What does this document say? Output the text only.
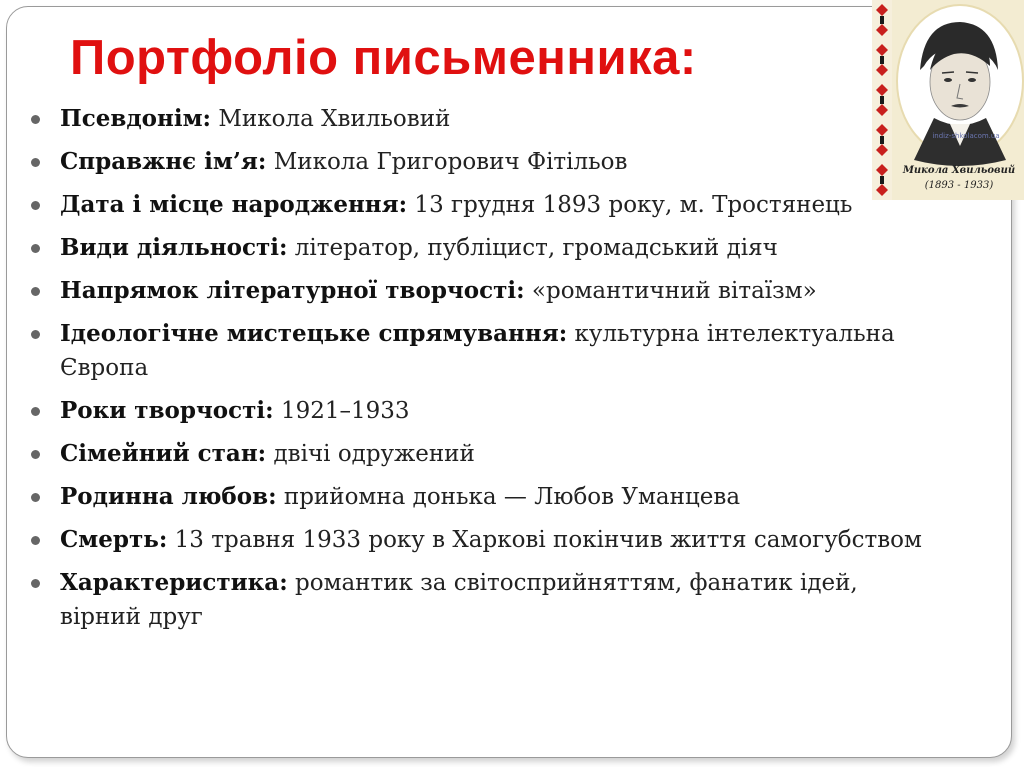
Портфоліо письменника:
Псевдонім: Микола Хвильовий
Справжнє ім’я: Микола Григорович Фітільов
Дата і місце народження: 13 грудня 1893 року, м. Тростянець
Види діяльності: літератор, публіцист, громадський діяч
Напрямок літературної творчості: «романтичний вітаїзм»
Ідеологічне мистецьке спрямування: культурна інтелектуальна Європа
Роки творчості: 1921–1933
Сімейний стан: двічі одружений
Родинна любов: прийомна донька — Любов Уманцева
Смерть: 13 травня 1933 року в Харкові покінчив життя самогубством
Характеристика: романтик за світосприйняттям, фанатик ідей, вірний друг
indiz-shkolacom.ua
Микола Хвильовий
(1893 - 1933)
